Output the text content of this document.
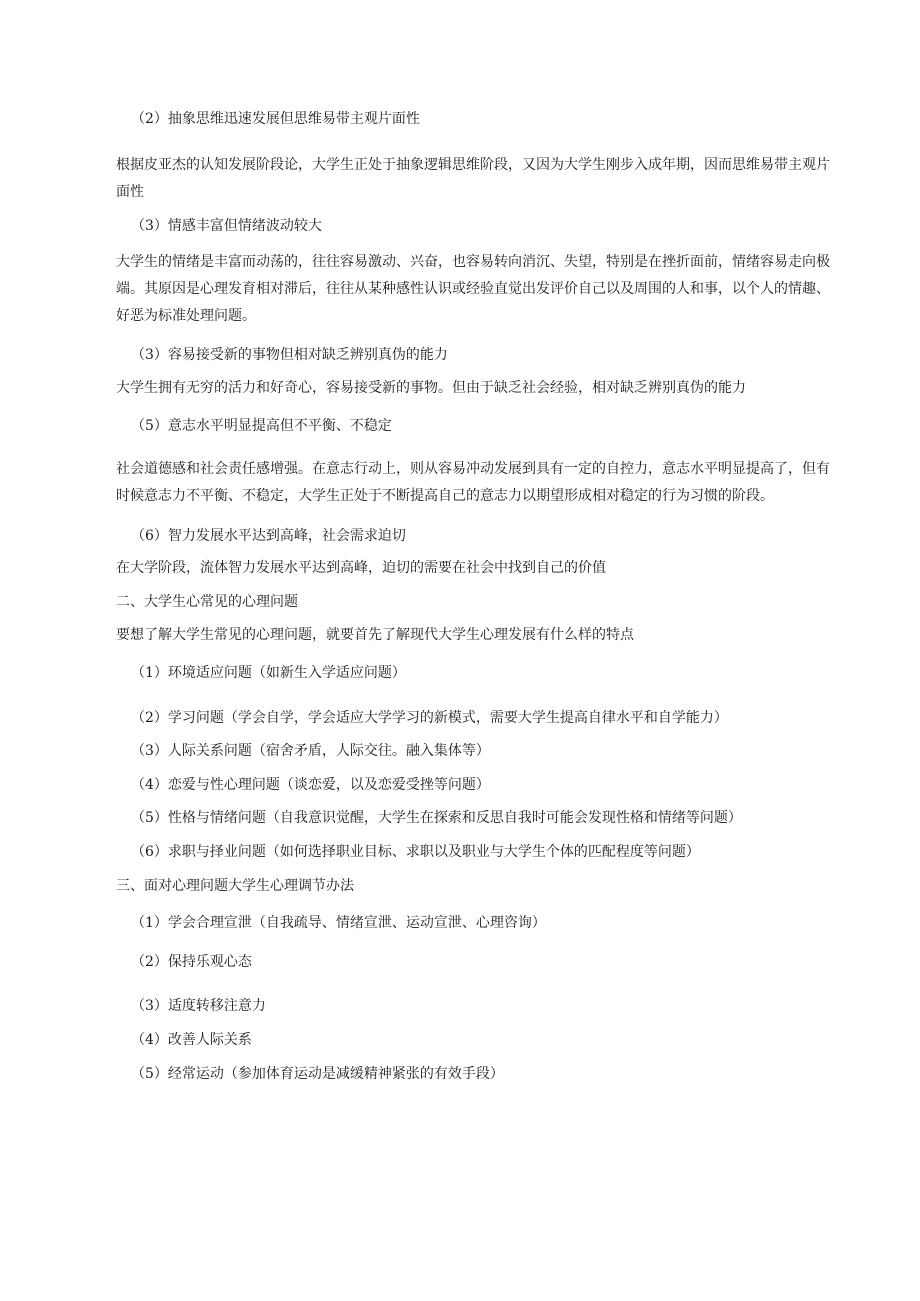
（2）抽象思维迅速发展但思维易带主观片面性

根据皮亚杰的认知发展阶段论，大学生正处于抽象逻辑思维阶段，又因为大学生刚步入成年期，因而思维易带主观片面性

（3）情感丰富但情绪波动较大

大学生的情绪是丰富而动荡的，往往容易激动、兴奋，也容易转向消沉、失望，特别是在挫折面前，情绪容易走向极端。其原因是心理发育相对滞后，往往从某种感性认识或经验直觉出发评价自己以及周围的人和事，以个人的情趣、好恶为标准处理问题。

（3）容易接受新的事物但相对缺乏辨别真伪的能力

大学生拥有无穷的活力和好奇心，容易接受新的事物。但由于缺乏社会经验，相对缺乏辨别真伪的能力

（5）意志水平明显提高但不平衡、不稳定

社会道德感和社会责任感增强。在意志行动上，则从容易冲动发展到具有一定的自控力，意志水平明显提高了，但有时候意志力不平衡、不稳定，大学生正处于不断提高自己的意志力以期望形成相对稳定的行为习惯的阶段。

（6）智力发展水平达到高峰，社会需求迫切

在大学阶段，流体智力发展水平达到高峰，迫切的需要在社会中找到自己的价值

二、大学生心常见的心理问题

要想了解大学生常见的心理问题，就要首先了解现代大学生心理发展有什么样的特点

（1）环境适应问题（如新生入学适应问题）

（2）学习问题（学会自学，学会适应大学学习的新模式，需要大学生提高自律水平和自学能力）

（3）人际关系问题（宿舍矛盾，人际交往。融入集体等）

（4）恋爱与性心理问题（谈恋爱，以及恋爱受挫等问题）

（5）性格与情绪问题（自我意识觉醒，大学生在探索和反思自我时可能会发现性格和情绪等问题）

（6）求职与择业问题（如何选择职业目标、求职以及职业与大学生个体的匹配程度等问题）

三、面对心理问题大学生心理调节办法

（1）学会合理宣泄（自我疏导、情绪宣泄、运动宣泄、心理咨询）

（2）保持乐观心态

（3）适度转移注意力

（4）改善人际关系

（5）经常运动（参加体育运动是减缓精神紧张的有效手段）
